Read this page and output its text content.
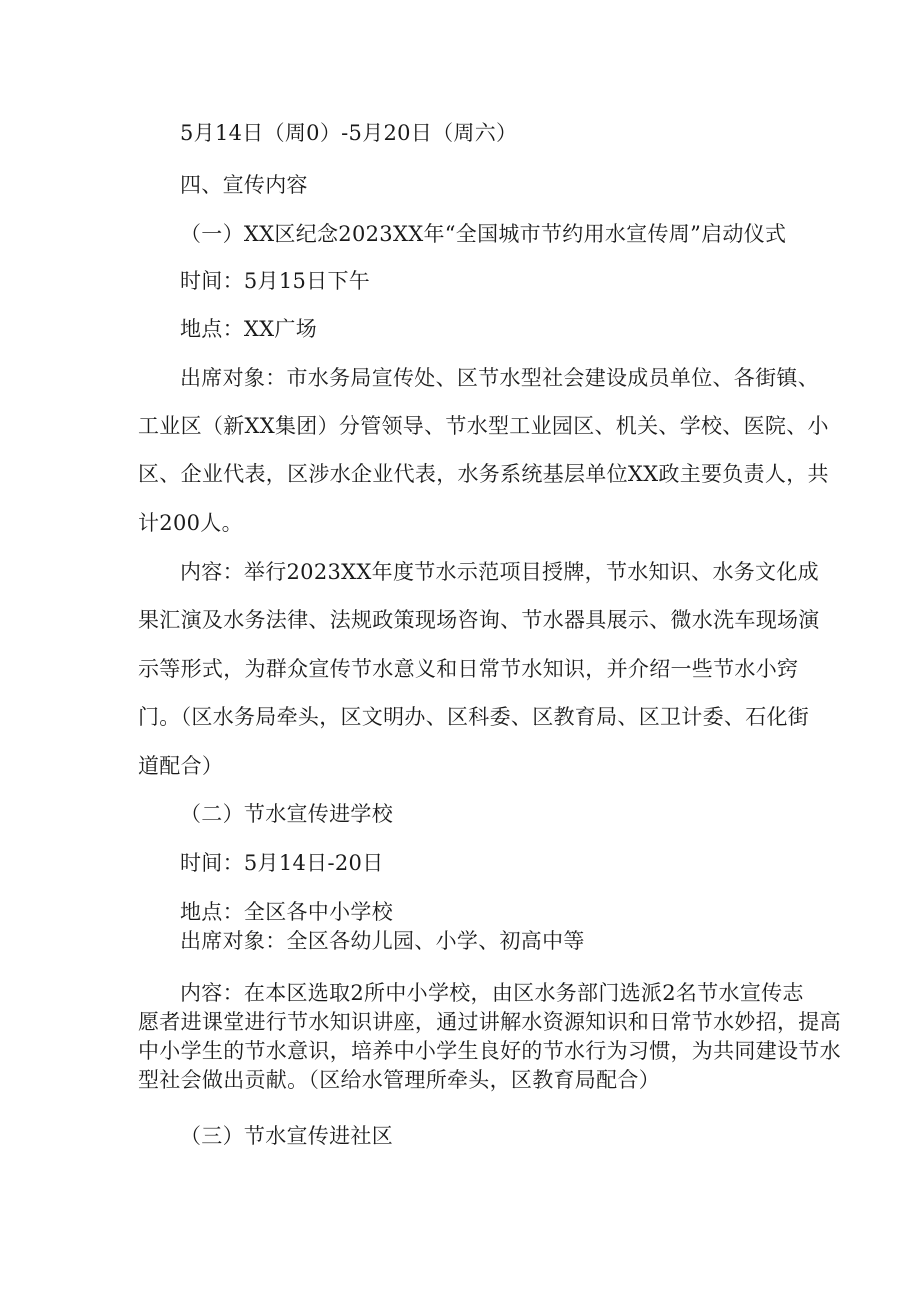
5月14日（周0）-5月20日（周六）
四、宣传内容
（一）XX区纪念2023XX年“全国城市节约用水宣传周”启动仪式
时间：5月15日下午
地点：XX广场
出席对象：市水务局宣传处、区节水型社会建设成员单位、各街镇、
工业区（新XX集团）分管领导、节水型工业园区、机关、学校、医院、小
区、企业代表，区涉水企业代表，水务系统基层单位XX政主要负责人，共
计200人。
内容：举行2023XX年度节水示范项目授牌，节水知识、水务文化成
果汇演及水务法律、法规政策现场咨询、节水器具展示、微水洗车现场演
示等形式，为群众宣传节水意义和日常节水知识，并介绍一些节水小窍
门。（区水务局牵头，区文明办、区科委、区教育局、区卫计委、石化街
道配合）
（二）节水宣传进学校
时间：5月14日-20日
地点：全区各中小学校
出席对象：全区各幼儿园、小学、初高中等
内容：在本区选取2所中小学校，由区水务部门选派2名节水宣传志
愿者进课堂进行节水知识讲座，通过讲解水资源知识和日常节水妙招，提高
中小学生的节水意识，培养中小学生良好的节水行为习惯，为共同建设节水
型社会做出贡献。（区给水管理所牵头，区教育局配合）
（三）节水宣传进社区
